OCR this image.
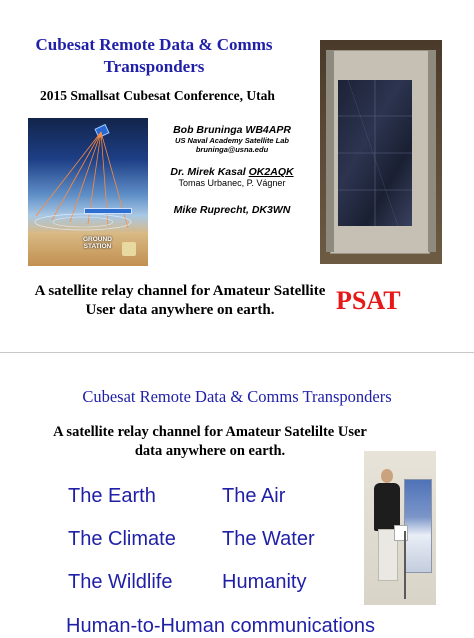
Cubesat Remote Data & Comms Transponders
2015 Smallsat Cubesat Conference, Utah
GROUND
STATION
Bob Bruninga WB4APR
US Naval Academy Satellite Lab
bruninga@usna.edu
Dr. Mirek Kasal OK2AQK
Tomas Urbanec, P. Vágner
Mike Ruprecht, DK3WN
A satellite relay channel for Amateur Satellite User data anywhere on earth.	PSAT
Cubesat Remote Data & Comms Transponders
A satellite relay channel for Amateur Satelilte User data anywhere on earth.
The Earth	The Air
The Climate The Water
The Wildlife Humanity
Human-to-Human communications
